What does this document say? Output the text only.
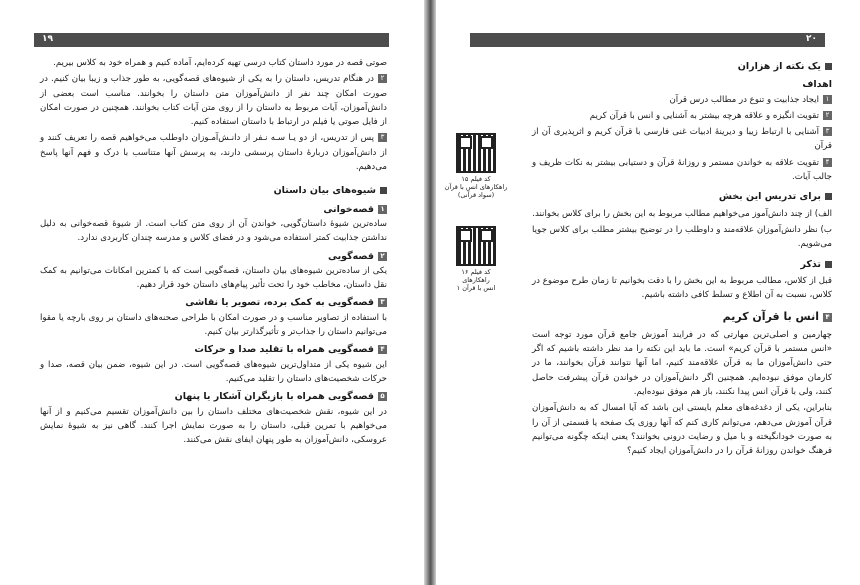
۱۹

صوتی قصه در مورد داستان کتاب درسی تهیه کرده‌ایم، آماده کنیم و همراه خود به کلاس بیریم.

۲در هنگام تدریس، داستان را به یکی از شیوه‌های قصه‌گویی، به طور جذاب و زیبا بیان کنیم. در صورت امکان چند نفر از دانش‌آموزان متن داستان را بخوانند. مناسب است بعضی از دانش‌آموزان، آیات مربوط به داستان را از روی متن آیات کتاب بخوانند. همچنین در صورت امکان از فایل صوتی یا فیلم در ارتباط با داستان استفاده کنیم.

۳پس از تدریس، از دو یـا سـه نـفر از دانـش‌آمـوزان داوطلب می‌خواهیم قصه را تعریف کنند و از دانش‌آموزان دربارهٔ داستان پرسشی دارند، به پرسش آنها متناسب با درک و فهم آنها پاسخ می‌دهیم.

شیوه‌های بیان داستان
۱قصه‌خوانی

ساده‌ترین شیوهٔ داستان‌گویی، خواندن آن از روی متن کتاب است. از شیوهٔ قصه‌خوانی به دلیل نداشتن جذابیت کمتر استفاده می‌شود و در فضای کلاس و مدرسه چندان کاربردی ندارد.

۲قصه‌گویی

یکی از ساده‌ترین شیوه‌های بیان داستان، قصه‌گویی است که با کمترین امکانات می‌توانیم به کمک نقل داستان، مخاطب خود را تحت تأثیر پیام‌های داستان خود قرار دهیم.

۳قصه‌گویی به کمک برده، تصویر یا نقاشی

با استفاده از تصاویر مناسب و در صورت امکان با طراحی صحنه‌های داستان بر روی بارچه یا مقوا می‌توانیم داستان را جذاب‌تر و تأثیرگذارتر بیان کنیم.

۴قصه‌گویی همراه با تقلید صدا و حرکات

این شیوه یکی از متداول‌ترین شیوه‌های قصه‌گویی است. در این شیوه، ضمن بیان قصه، صدا و حرکات شخصیت‌های داستان را تقلید می‌کنیم.

۵قصه‌گویی همراه با بازیگران آشکار یا پنهان

در این شیوه، نقش شخصیت‌های مختلف داستان را بین دانش‌آموزان تقسیم می‌کنیم و از آنها می‌خواهیم با تمرین قبلی، داستان را به صورت نمایش اجرا کنند. گاهی نیز به شیوهٔ نمایش عروسکی، دانش‌آموزان به طور پنهان ایفای نقش می‌کنند.

۲۰
کد فیلم ۱۵
راهکارهای انس با قرآن
(سواد قرآنی)
کد فیلم ۱۶
راهکارهای
انس با قرآن ۱
یک نکته از هزاران
اهداف

۱ایجاد جذابیت و تنوع در مطالب درس قرآن

۲تقویت انگیزه و علاقه هرچه بیشتر به آشنایی و انس با قرآن کریم

۳آشنایی با ارتباط زیبا و دیرینهٔ ادبیات غنی فارسی با قرآن کریم و اثرپذیری آن از قرآن

۴تقویت علاقه به خواندن مستمر و روزانهٔ قرآن و دستیابی بیشتر به نکات ظریف و جالب آیات.

برای تدریس این بخش

الف) از چند دانش‌آموز می‌خواهیم مطالب مربوط به این بخش را برای کلاس بخوانند.

ب) نظر دانش‌آموزان علاقه‌مند و داوطلب را در توضیح بیشتر مطلب برای کلاس جویا می‌شویم.

تذکر

قبل از کلاس، مطالب مربوط به این بخش را با دقت بخوانیم تا زمان طرح موضوع در کلاس، نسبت به آن اطلاع و تسلط کافی داشته باشیم.

۴انس با قرآن کریم

چهارمین و اصلی‌ترین مهارتی که در فرایند آموزش جامع قرآن مورد توجه است «انس مستمر با قرآن کریم» است. ما باید این نکته را مد نظر داشته باشیم که اگر حتی دانش‌آموزان ما به قرآن علاقه‌مند کنیم، اما آنها نتوانند قرآن بخوانند، ما در کارمان موفق نبوده‌ایم. همچنین اگر دانش‌آموزان در خواندن قرآن پیشرفت حاصل کنند، ولی با قرآن انس پیدا نکنند، باز هم موفق نبوده‌ایم.

بنابراین، یکی از دغدغه‌های معلم بایستی این باشد که آیا امسال که به دانش‌آموزان قرآن آموزش می‌دهم، می‌توانم کاری کنم که آنها روزی یک صفحه یا قسمتی از آن را به صورت خودانگیخته و با میل و رضایت درونی بخوانند؟ یعنی اینکه چگونه می‌توانیم فرهنگ خواندن روزانهٔ قرآن را در دانش‌آموزان ایجاد کنیم؟
